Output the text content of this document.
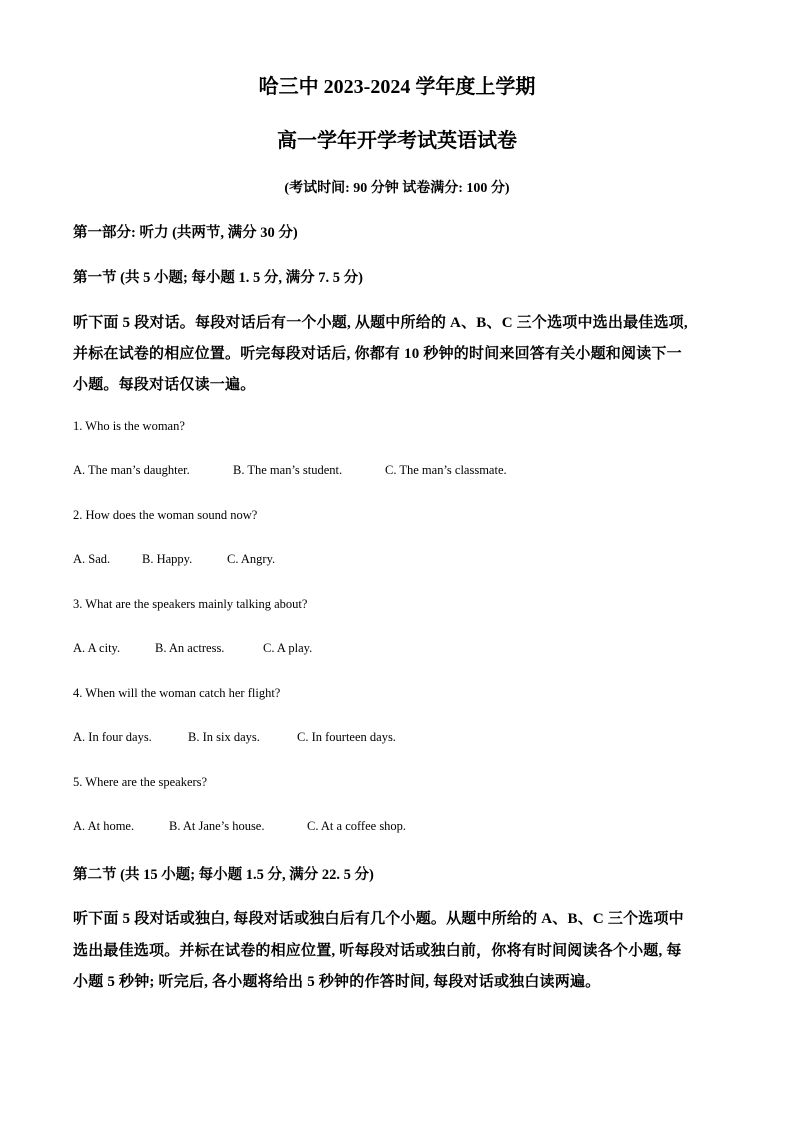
哈三中 2023-2024 学年度上学期
高一学年开学考试英语试卷
(考试时间: 90 分钟 试卷满分: 100 分)
第一部分: 听力 (共两节, 满分 30 分)
第一节 (共 5 小题; 每小题 1. 5 分, 满分 7. 5 分)
听下面 5 段对话。每段对话后有一个小题, 从题中所给的 A、B、C 三个选项中选出最佳选项,
并标在试卷的相应位置。听完每段对话后, 你都有 10 秒钟的时间来回答有关小题和阅读下一
小题。每段对话仅读一遍。
1. Who is the woman?
A. The man’s daughter.	B. The man’s student.	C. The man’s classmate.
2. How does the woman sound now?
A. Sad.	B. Happy.	C. Angry.
3. What are the speakers mainly talking about?
A. A city.	B. An actress.	C. A play.
4. When will the woman catch her flight?
A. In four days.	B. In six days.	C. In fourteen days.
5. Where are the speakers?
A. At home.	B. At Jane’s house.	C. At a coffee shop.
第二节 (共 15 小题; 每小题 1.5 分, 满分 22. 5 分)
听下面 5 段对话或独白, 每段对话或独白后有几个小题。从题中所给的 A、B、C 三个选项中
选出最佳选项。并标在试卷的相应位置, 听每段对话或独白前，你将有时间阅读各个小题, 每
小题 5 秒钟; 听完后, 各小题将给出 5 秒钟的作答时间, 每段对话或独白读两遍。
